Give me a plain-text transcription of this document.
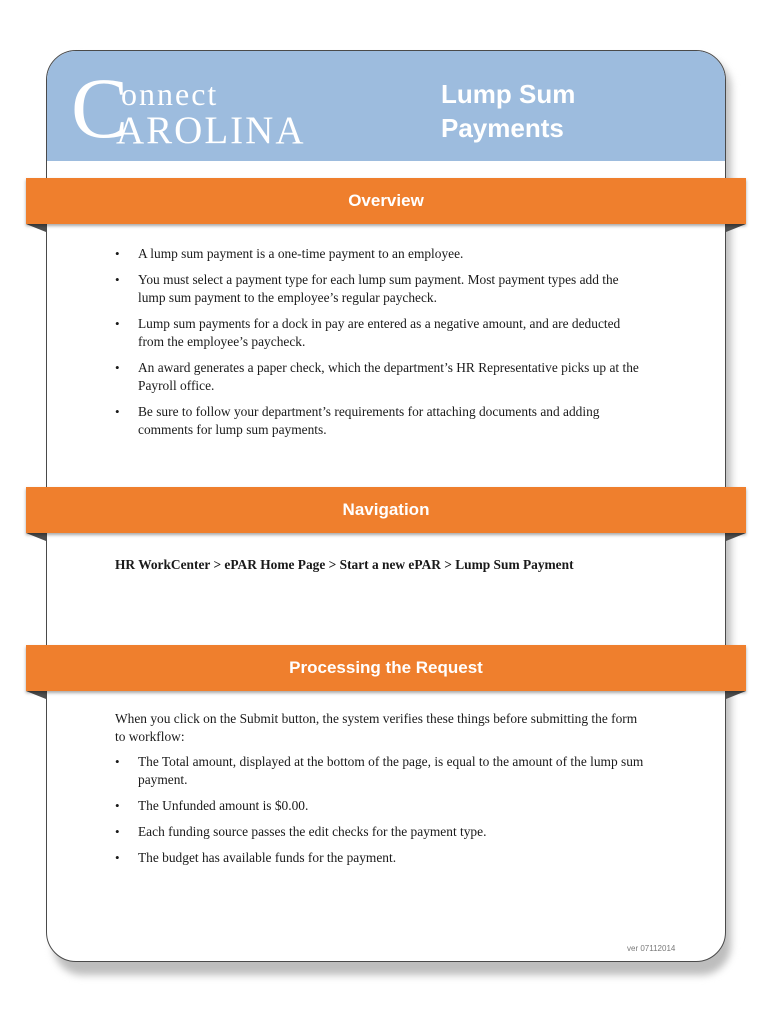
C
onnect
AROLINA
Lump Sum
Payments
Overview
• A lump sum payment is a one-time payment to an employee.
• You must select a payment type for each lump sum payment. Most payment types add the lump sum payment to the employee’s regular paycheck.
• Lump sum payments for a dock in pay are entered as a negative amount, and are deducted from the employee’s paycheck.
• An award generates a paper check, which the department’s HR Representative picks up at the Payroll office.
• Be sure to follow your department’s requirements for attaching documents and adding comments for lump sum payments.
Navigation
HR WorkCenter > ePAR Home Page > Start a new ePAR > Lump Sum Payment
Processing the Request

When you click on the Submit button, the system verifies these things before submitting the form to workflow:

• The Total amount, displayed at the bottom of the page, is equal to the amount of the lump sum payment.
• The Unfunded amount is $0.00.
• Each funding source passes the edit checks for the payment type.
• The budget has available funds for the payment.
ver 07112014
